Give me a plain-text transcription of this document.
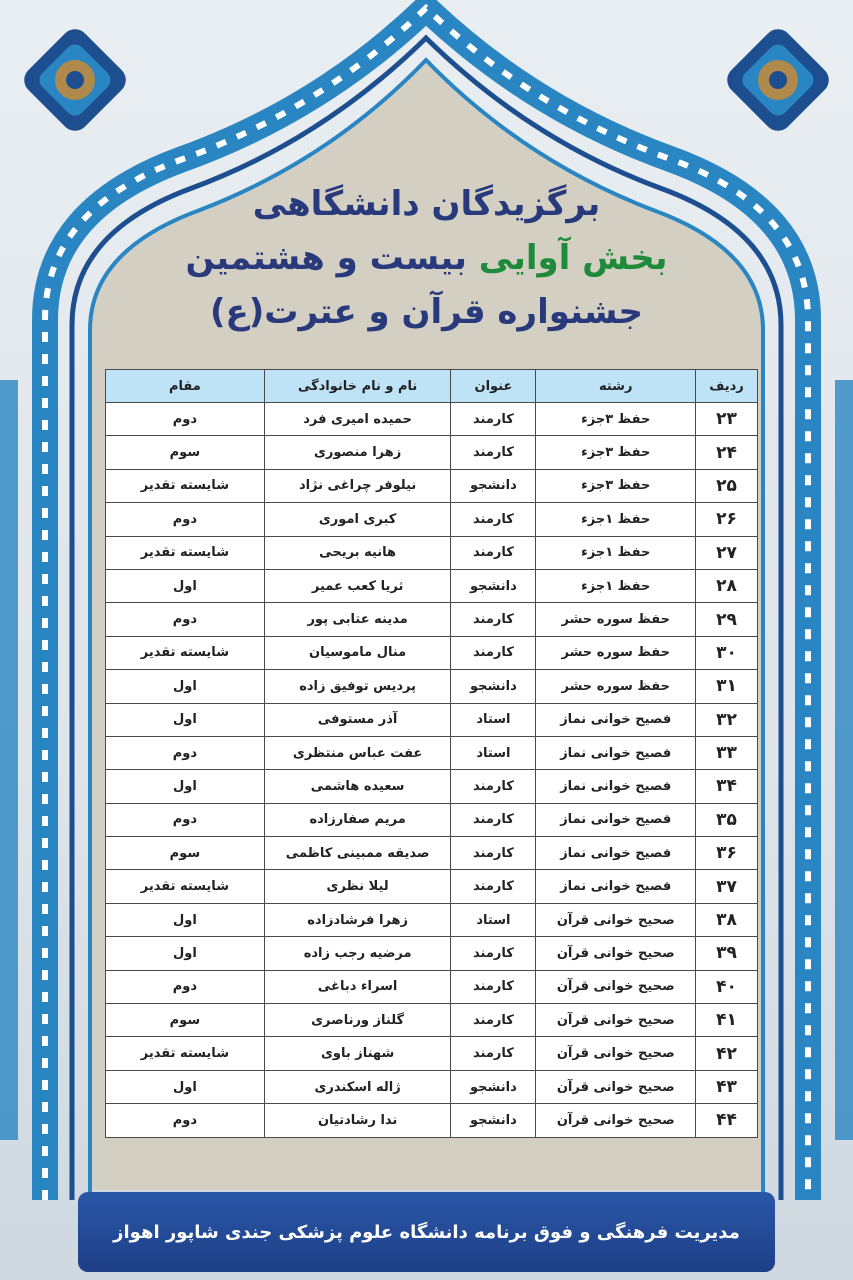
برگزیدگان دانشگاهی
بخش آوایی بیست و هشتمین
جشنواره قرآن و عترت(ع)
ردیف	رشته	عنوان	نام و نام خانوادگی	مقام
۲۳	حفظ ۳جزء	کارمند	حمیده امیری فرد	دوم
۲۴	حفظ ۳جزء	کارمند	زهرا منصوری	سوم
۲۵	حفظ ۳جزء	دانشجو	نیلوفر چراغی نژاد	شایسته تقدیر
۲۶	حفظ ۱جزء	کارمند	کبری اموری	دوم
۲۷	حفظ ۱جزء	کارمند	هانیه بریحی	شایسته تقدیر
۲۸	حفظ ۱جزء	دانشجو	ثریا کعب عمیر	اول
۲۹	حفظ سوره حشر	کارمند	مدینه عتابی پور	دوم
۳۰	حفظ سوره حشر	کارمند	منال ماموسیان	شایسته تقدیر
۳۱	حفظ سوره حشر	دانشجو	پردیس توفیق زاده	اول
۳۲	فصیح خوانی نماز	استاد	آذر مستوفی	اول
۳۳	فصیح خوانی نماز	استاد	عفت عباس منتظری	دوم
۳۴	فصیح خوانی نماز	کارمند	سعیده هاشمی	اول
۳۵	فصیح خوانی نماز	کارمند	مریم صفارزاده	دوم
۳۶	فصیح خوانی نماز	کارمند	صدیقه ممبینی کاظمی	سوم
۳۷	فصیح خوانی نماز	کارمند	لیلا نظری	شایسته تقدیر
۳۸	صحیح خوانی قرآن	استاد	زهرا فرشادزاده	اول
۳۹	صحیح خوانی قرآن	کارمند	مرضیه رجب زاده	اول
۴۰	صحیح خوانی قرآن	کارمند	اسراء دباغی	دوم
۴۱	صحیح خوانی قرآن	کارمند	گلناز ورناصری	سوم
۴۲	صحیح خوانی قرآن	کارمند	شهناز باوی	شایسته تقدیر
۴۳	صحیح خوانی قرآن	دانشجو	ژاله اسکندری	اول
۴۴	صحیح خوانی قرآن	دانشجو	ندا رشادتیان	دوم
مدیریت فرهنگی و فوق برنامه دانشگاه علوم پزشکی جندی شاپور اهواز
